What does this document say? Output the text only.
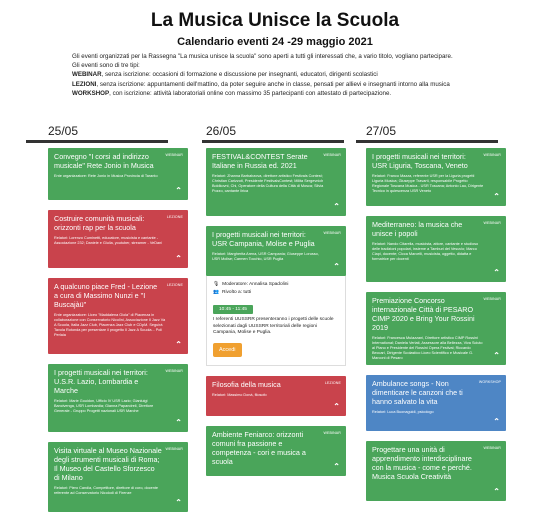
La Musica Unisce la Scuola
Calendario eventi 24 -29 maggio 2021

Gli eventi organizzati per la Rassegna "La musica unisce la scuola" sono aperti a tutti gli interessati che, a vario titolo, vogliano partecipare.

Gli eventi sono di tre tipi:

WEBINAR, senza iscrizione: occasioni di formazione e discussione per insegnanti, educatori, dirigenti scolastici

LEZIONI, senza iscrizione: appuntamenti dell'mattino, da poter seguire anche in classe, pensati per allievi e insegnanti intorno alla musica

WORKSHOP, con iscrizione: attività laboratoriali online con massimo 35 partecipanti con attestato di partecipazione.

25/05	26/05	27/05
WEBINAR
Convegno "I corsi ad indirizzo musicale" Rete Jonio in Musica
Ente organizzatore: Rete Jonio in Musica Provincia di Taranto
⌃
LEZIONE
Costruire comunità musicali: orizzonti rap per la scuola
Relatori: Lorenzo Cuminetti, educatore, musicista e cantante - Associazione 232; Daniele e Giulia, youtuber, streamer - VeDani
⌃
LEZIONE
A qualcuno piace Fred - Lezione a cura di Massimo Nunzi e "I Buscajàü"
Ente organizzatore: Liceo "Maddalena Giola" di Piacenza in collaborazione con Conservatorio Nicolini, Associazione Il Jazz Va A Scuola, Italia Jazz Club, Piacenza Jazz Club e CDpM. Seguirà Tavola Rotonda per presentare il progetto Il Jazz A Scuola... Poli Perlaia
⌃
WEBINAR
I progetti musicali nei territori: U.S.R. Lazio, Lombardia e Marche
Relatori: Marie Gouidon, Ufficio IV USR Lazio; Gianluigi Bancivenga, USR Lombardia; Gianna Papandreli, Direttore Generale - Gruppo Progetti nazionali USR Marche
⌃
WEBINAR
Visita virtuale al Museo Nazionale degli strumenti musicali di Roma; Il Museo del Castello Sforzesco di Milano
Relatori: Piero Candia, Competitore, direttore di coro, docente referente ad Conservatorio Nicolodi di Firenze
⌃
WEBINAR
FESTIVAL&CONTEST Serate Italiane in Russia ed. 2021
Relatori: Zhanna Barbabzova, direttore artistico Festivals Contest; Christian Carizzoti, Presidente FestivalsContest; Milita Sergevnich Boldkovni, Chi, Operatore della Cultura della Città di Mosca; Silvia Pozzo, cantante lirica
⌃
WEBINAR
I progetti musicali nei territori: USR Campania, Molise e Puglia
Relatori: Margherita Arena, USR Campania; Giuseppe Lorusso, USR Molise; Carmen Tocchio, USR Puglia
⌃
🎙 Moderatore: Annalisa Spadolini
👥 Rivolto a: tutti
10:45 - 11:45
I referenti UUSSRR presenteranno i progetti delle scuole selezionati dagli UUSSRR territoriali delle regioni Campania, Molise e Puglia.
Accedi
LEZIONE
Filosofia della musica
Relatori: Massimo Donà, filosofo
⌃
WEBINAR
Ambiente Feniarco: orizzonti comuni fra passione e competenza - cori e musica a scuola
⌃
WEBINAR
I progetti musicali nei territori: USR Liguria, Toscana, Veneto
Relatori: Franco Mazza, referente USR per la Liguria progetti Liguria Musica; Giuseppe Travarti, responsabile Progetto Regionale Toscana Musica - USR Toscana; Antonio Lau, Dirigente Tecnico in quiescenza USR Veneto
⌃
WEBINAR
Mediterraneo: la musica che unisce i popoli
Relatori: Nando Citarella, musicista, attore, cantante e studioso delle tradizioni popolari, insieme a Tamburi del Vesuvio; Marco Ciapi, docente; Cicca Marcelli, musicista, oggetto, didatta e formatrice per docenti
⌃
WEBINAR
Premiazione Concorso internazionale Città di PESARO CIMP 2020 e Bring Your Rossini 2019
Relatori: Francesca Mulazzani, Direttore artistico CIMP Rossini International; Daniela Verlati, Assessore alla Bellezza, Viva Sciuto al Piano e Presidente del Rossini Opera Festival; Riccardo Beccari, Dirigente Scolastico Liceo Scientifico e Musicale G. Marconi di Pesaro	⌃
WORKSHOP
Ambulance songs - Non dimenticare le canzoni che ti hanno salvato la vita
Relatori: Luca Buonaguidi, psicologo
⌃
WEBINAR
Progettare una unità di apprendimento interdisciplinare con la musica - come e perché. Musica Scuola Creatività
⌃
